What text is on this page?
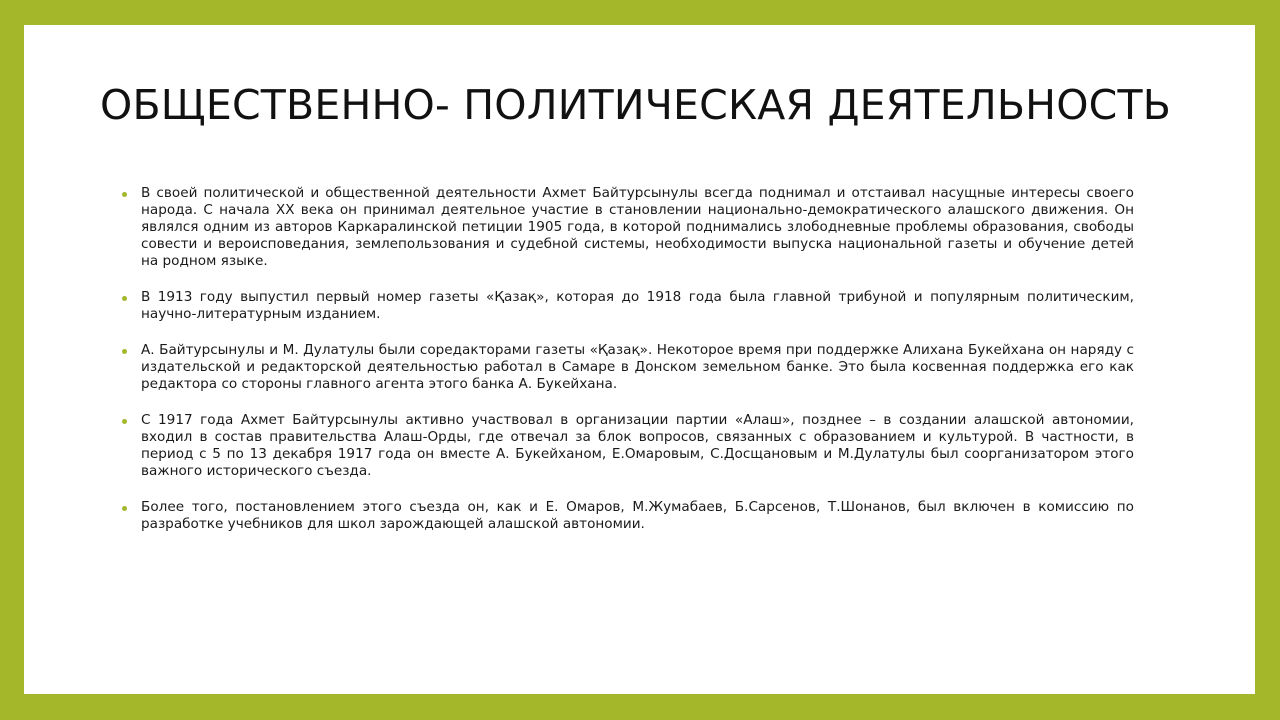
ОБЩЕСТВЕННО- ПОЛИТИЧЕСКАЯ ДЕЯТЕЛЬНОСТЬ
В своей политической и общественной деятельности Ахмет Байтурсынулы всегда поднимал и отстаивал насущные интересы своего народа. С начала XX века он принимал деятельное участие в становлении национально-демократического алашского движения. Он являлся одним из авторов Каркаралинской петиции 1905 года, в которой поднимались злободневные проблемы образования, свободы совести и вероисповедания, землепользования и судебной системы, необходимости выпуска национальной газеты и обучение детей на родном языке.
В 1913 году выпустил первый номер газеты «Қазақ», которая до 1918 года была главной трибуной и популярным политическим, научно-литературным изданием.
А. Байтурсынулы и М. Дулатулы были соредакторами газеты «Қазақ». Некоторое время при поддержке Алихана Букейхана он наряду с издательской и редакторской деятельностью работал в Самаре в Донском земельном банке. Это была косвенная поддержка его как редактора со стороны главного агента этого банка А. Букейхана.
С 1917 года Ахмет Байтурсынулы активно участвовал в организации партии «Алаш», позднее – в создании алашской автономии, входил в состав правительства Алаш-Орды, где отвечал за блок вопросов, связанных с образованием и культурой. В частности, в период с 5 по 13 декабря 1917 года он вместе А. Букейханом, Е.Омаровым, С.Досщановым и М.Дулатулы был соорганизатором этого важного исторического съезда.
Более того, постановлением этого съезда он, как и Е. Омаров, М.Жумабаев, Б.Сарсенов, Т.Шонанов, был включен в комиссию по разработке учебников для школ зарождающей алашской автономии.
